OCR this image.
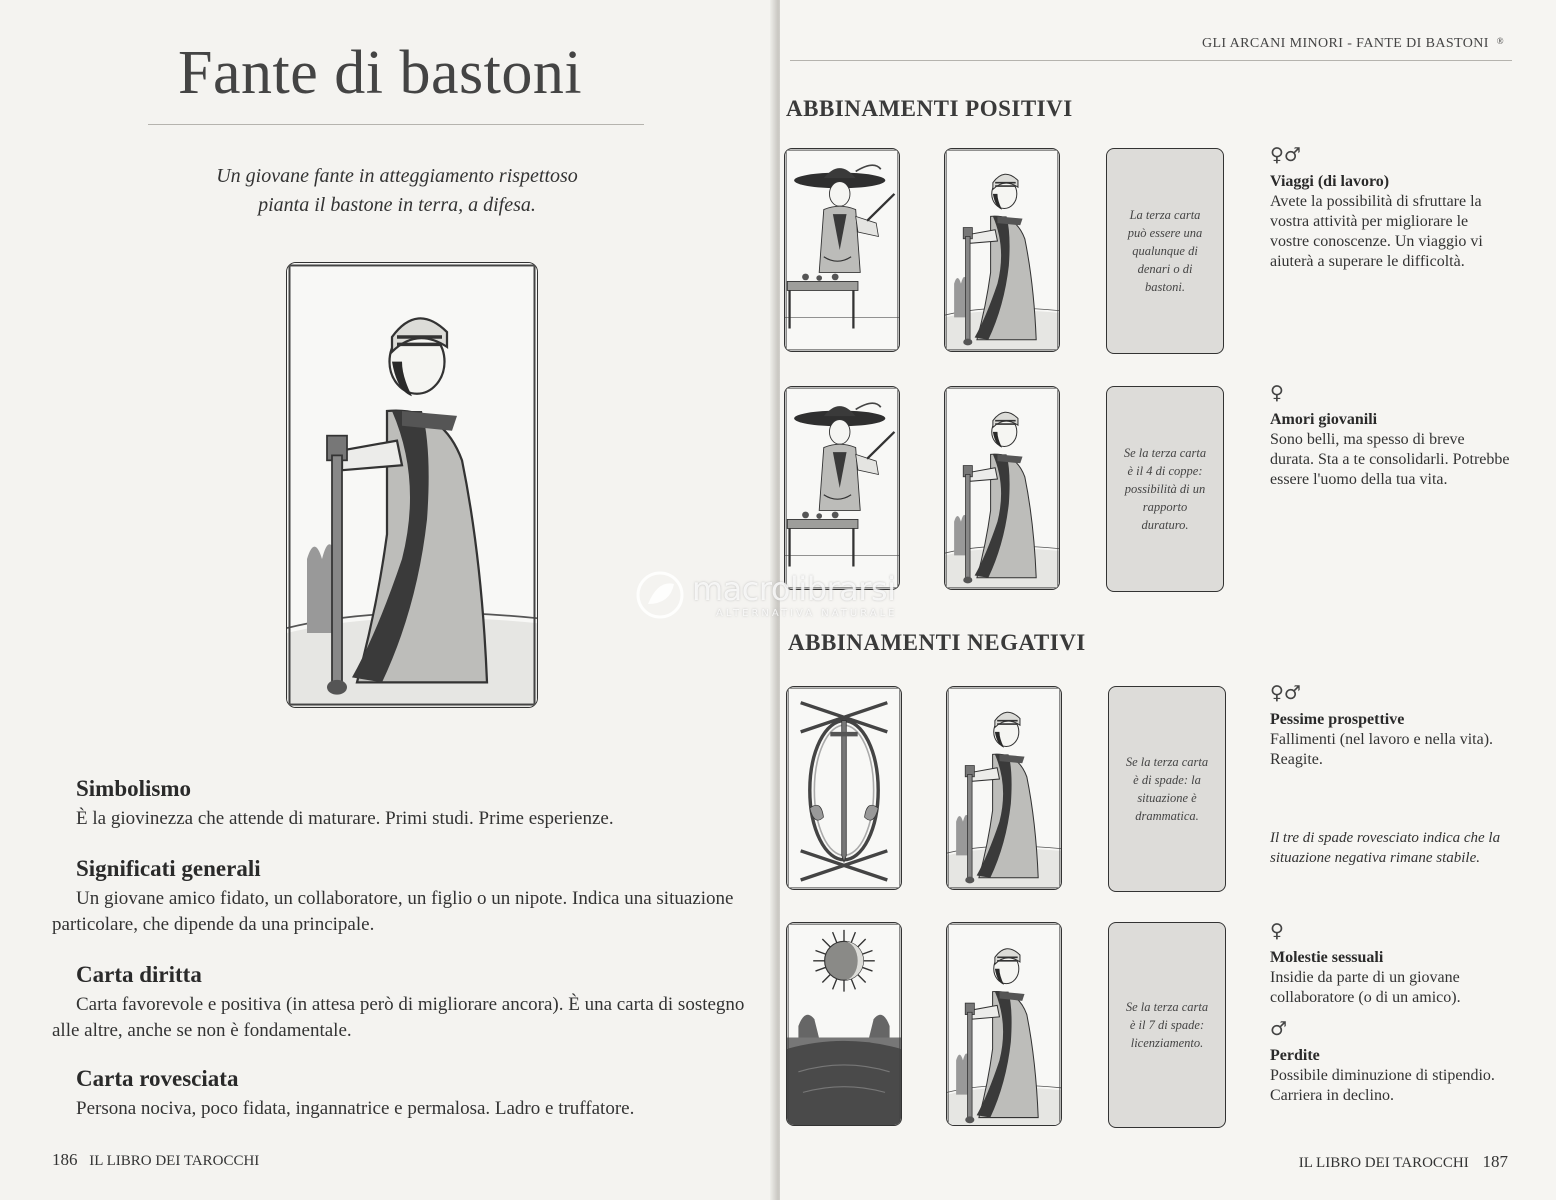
Fante di bastoni
Un giovane fante in atteggiamento rispettoso
pianta il bastone in terra, a difesa.
Simbolismo

È la giovinezza che attende di maturare. Primi studi. Prime esperienze.

Significati generali

Un giovane amico fidato, un collaboratore, un figlio o un nipote. Indica una situazione particolare, che dipende da una principale.

Carta diritta

Carta favorevole e positiva (in attesa però di migliorare ancora). È una carta di sostegno alle altre, anche se non è fondamentale.

Carta rovesciata

Persona nociva, poco fidata, ingannatrice e permalosa. Ladro e truffatore.

186 IL LIBRO DEI TAROCCHI
GLI ARCANI MINORI - FANTE DI BASTONI ®
ABBINAMENTI POSITIVI
ABBINAMENTI NEGATIVI
La terza carta può essere una qualunque di denari o di bastoni.
♀♂
Viaggi (di lavoro)

Avete la possibilità di sfruttare la vostra attività per migliorare le vostre conoscenze. Un viaggio vi aiuterà a superare le difficoltà.

Se la terza carta è il 4 di coppe: possibilità di un rapporto duraturo.
♀
Amori giovanili

Sono belli, ma spesso di breve durata. Sta a te consolidarli. Potrebbe essere l'uomo della tua vita.

Se la terza carta è di spade: la situazione è drammatica.
♀♂
Pessime prospettive

Fallimenti (nel lavoro e nella vita). Reagite.

Il tre di spade rovesciato indica che la situazione negativa rimane stabile.

Se la terza carta è il 7 di spade: licenziamento.
♀
Molestie sessuali

Insidie da parte di un giovane collaboratore (o di un amico).

♂
Perdite

Possibile diminuzione di stipendio. Carriera in declino.

IL LIBRO DEI TAROCCHI 187
macrolibrarsi
ALTERNATIVA NATURALE
